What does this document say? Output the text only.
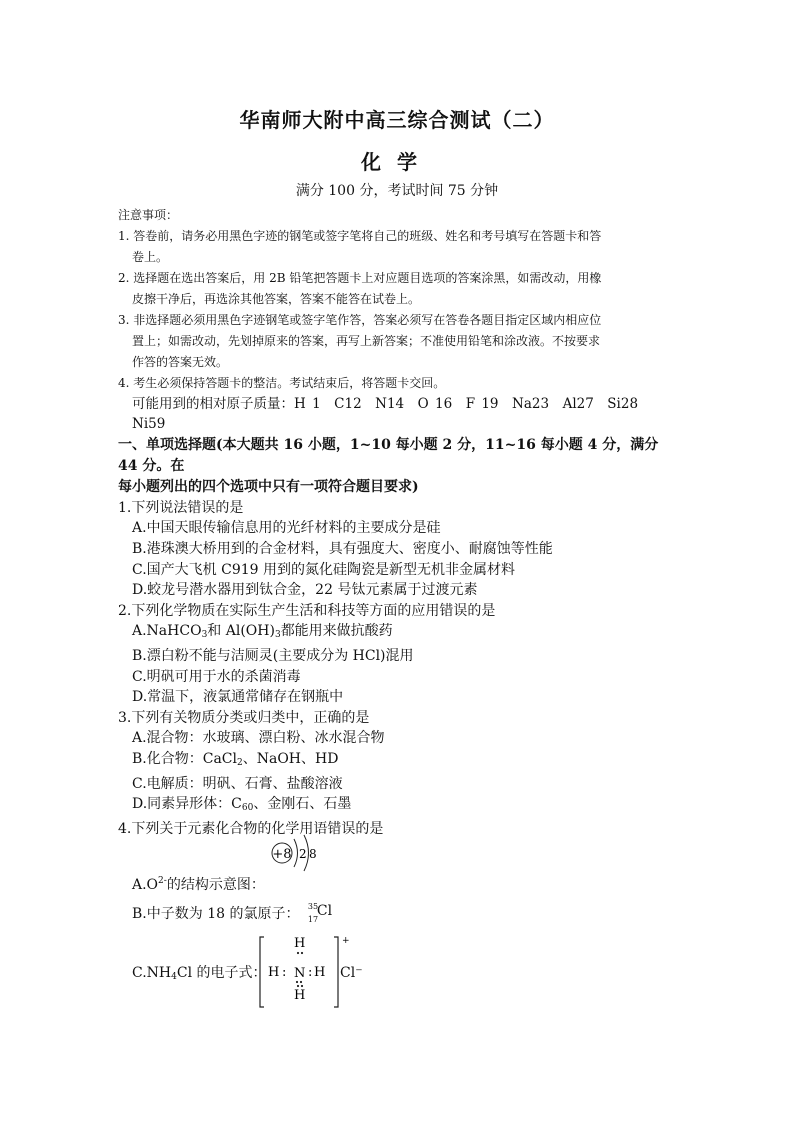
华南师大附中高三综合测试（二）
化学
满分 100 分，考试时间 75 分钟
注意事项：
1. 答卷前，请务必用黑色字迹的钢笔或签字笔将自己的班级、姓名和考号填写在答题卡和答
卷上。
2. 选择题在选出答案后，用 2B 铅笔把答题卡上对应题目选项的答案涂黑，如需改动，用橡
皮擦干净后，再选涂其他答案，答案不能答在试卷上。
3. 非选择题必须用黑色字迹钢笔或签字笔作答，答案必须写在答卷各题目指定区域内相应位
置上；如需改动，先划掉原来的答案，再写上新答案；不准使用铅笔和涂改液。不按要求
作答的答案无效。
4. 考生必须保持答题卡的整洁。考试结束后，将答题卡交回。
可能用到的相对原子质量：H 1　C12　N14　O 16　F 19　Na23　Al27　Si28　Ni59
一、单项选择题(本大题共 16 小题，1~10 每小题 2 分，11~16 每小题 4 分，满分 44 分。在
每小题列出的四个选项中只有一项符合题目要求)
1.下列说法错误的是
A.中国天眼传输信息用的光纤材料的主要成分是硅
B.港珠澳大桥用到的合金材料，具有强度大、密度小、耐腐蚀等性能
C.国产大飞机 C919 用到的氮化硅陶瓷是新型无机非金属材料
D.蛟龙号潜水器用到钛合金，22 号钛元素属于过渡元素
2.下列化学物质在实际生产生活和科技等方面的应用错误的是
A.NaHCO$_3$和 $Al(OH)_3$都能用来做抗酸药
B.漂白粉不能与洁厕灵(主要成分为 HCl)混用
C.明矾可用于水的杀菌消毒
D.常温下，液氯通常储存在钢瓶中
3.下列有关物质分类或归类中，正确的是
A.混合物：水玻璃、漂白粉、冰水混合物
B.化合物：CaCl$_2$、NaOH、HD
C.电解质：明矾、石膏、盐酸溶液
D.同素异形体：$C_{60}$、金刚石、石墨
4.下列关于元素化合物的化学用语错误的是
$A.O^{2-}$的结构示意图：
+8 2 8
B.中子数为 18 的氯原子： 35
17
Cl
$C.NH_4Cl$ 的电子式：
+
H
N
H : H
:
H
Cl⁻
